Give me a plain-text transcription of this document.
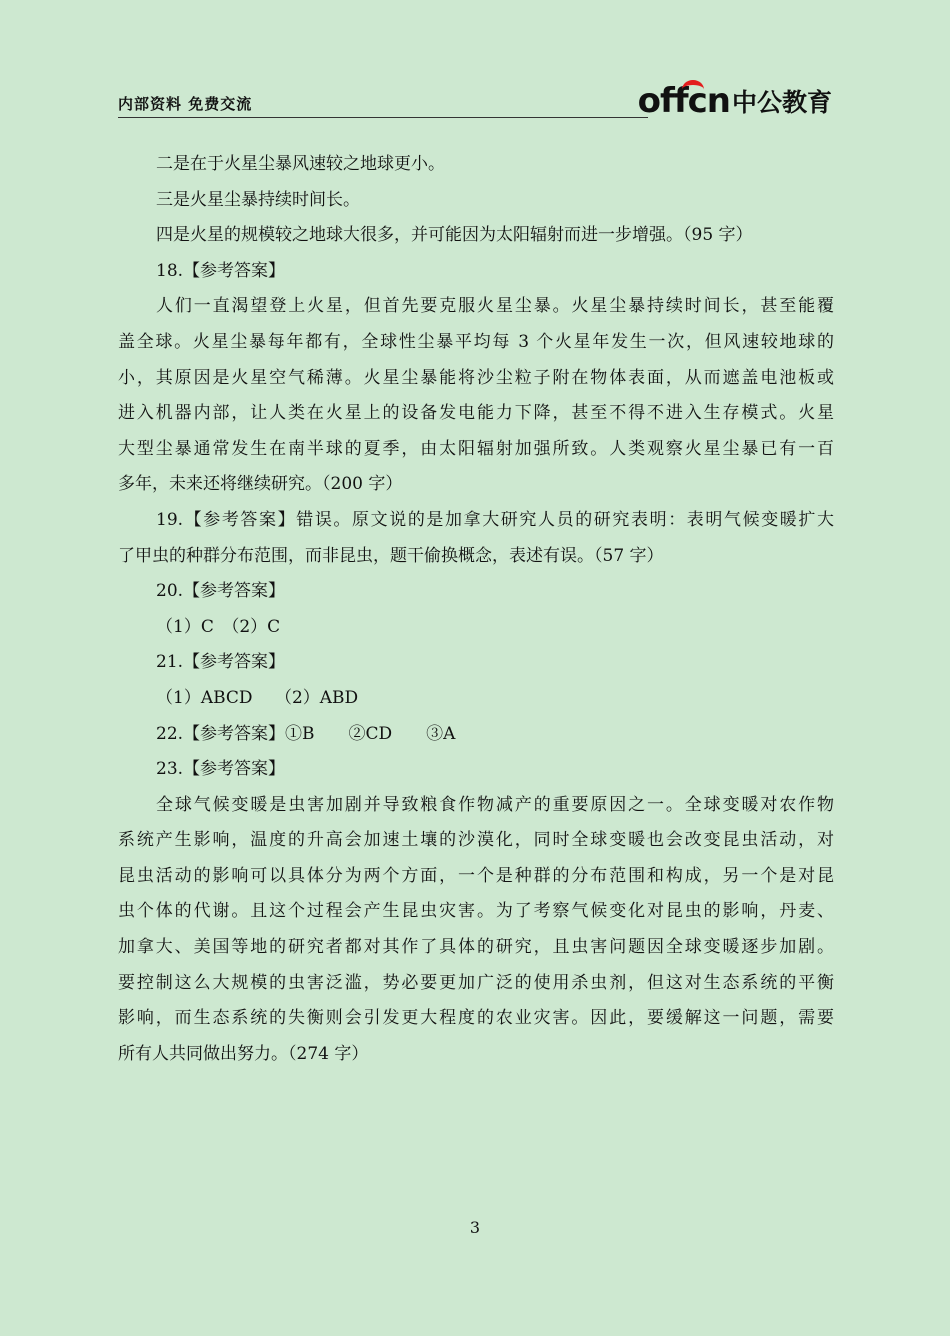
内部资料 免费交流	offcn 中公教育
二是在于火星尘暴风速较之地球更小。
三是火星尘暴持续时间长。
四是火星的规模较之地球大很多，并可能因为太阳辐射而进一步增强。（95 字）
18.【参考答案】
人们一直渴望登上火星，但首先要克服火星尘暴。火星尘暴持续时间长，甚至能覆
盖全球。火星尘暴每年都有，全球性尘暴平均每 3 个火星年发生一次，但风速较地球的
小，其原因是火星空气稀薄。火星尘暴能将沙尘粒子附在物体表面，从而遮盖电池板或
进入机器内部，让人类在火星上的设备发电能力下降，甚至不得不进入生存模式。火星
大型尘暴通常发生在南半球的夏季，由太阳辐射加强所致。人类观察火星尘暴已有一百
多年，未来还将继续研究。（200 字）
19.【参考答案】错误。原文说的是加拿大研究人员的研究表明：表明气候变暖扩大
了甲虫的种群分布范围，而非昆虫，题干偷换概念，表述有误。（57 字）
20.【参考答案】
（1）C　（2）C
21.【参考答案】
（1）ABCD　 （2）ABD
22.【参考答案】①B　　②CD　　③A
23.【参考答案】
全球气候变暖是虫害加剧并导致粮食作物减产的重要原因之一。全球变暖对农作物
系统产生影响，温度的升高会加速土壤的沙漠化，同时全球变暖也会改变昆虫活动，对
昆虫活动的影响可以具体分为两个方面，一个是种群的分布范围和构成，另一个是对昆
虫个体的代谢。且这个过程会产生昆虫灾害。为了考察气候变化对昆虫的影响，丹麦、
加拿大、美国等地的研究者都对其作了具体的研究，且虫害问题因全球变暖逐步加剧。
要控制这么大规模的虫害泛滥，势必要更加广泛的使用杀虫剂，但这对生态系统的平衡
影响，而生态系统的失衡则会引发更大程度的农业灾害。因此，要缓解这一问题，需要
所有人共同做出努力。（274 字）
3
